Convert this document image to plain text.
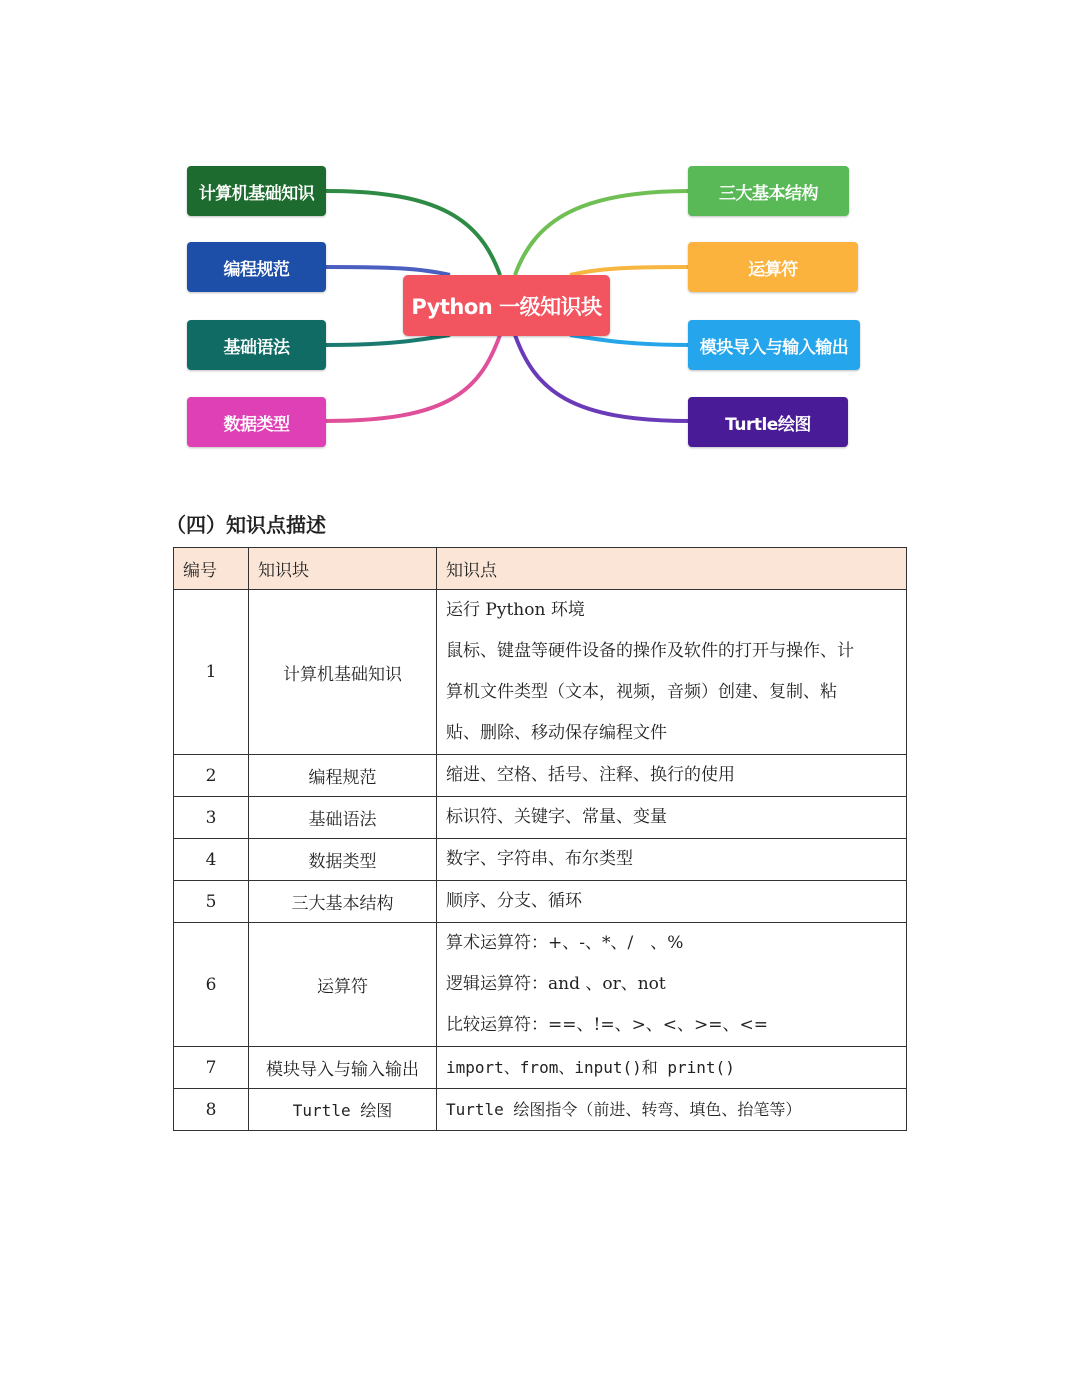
Python 一级知识块
计算机基础知识
编程规范
基础语法
数据类型
三大基本结构
运算符
模块导入与输入输出
Turtle绘图
（四）知识点描述
编号	知识块	知识点
1	计算机基础知识	运行 Python 环境
鼠标、键盘等硬件设备的操作及软件的打开与操作、计
算机文件类型（文本，视频，音频）创建、复制、粘
贴、删除、移动保存编程文件

2	编程规范	缩进、空格、括号、注释、换行的使用

3	基础语法	标识符、关键字、常量、变量

4	数据类型	数字、字符串、布尔类型

5	三大基本结构	顺序、分支、循环

6	运算符	算术运算符：+、-、*、/　、%
逻辑运算符：and 、or、not
比较运算符：==、!=、>、<、>=、<=

7	模块导入与输入输出	import、from、input()和 print()

8	Turtle 绘图	Turtle 绘图指令（前进、转弯、填色、抬笔等）
